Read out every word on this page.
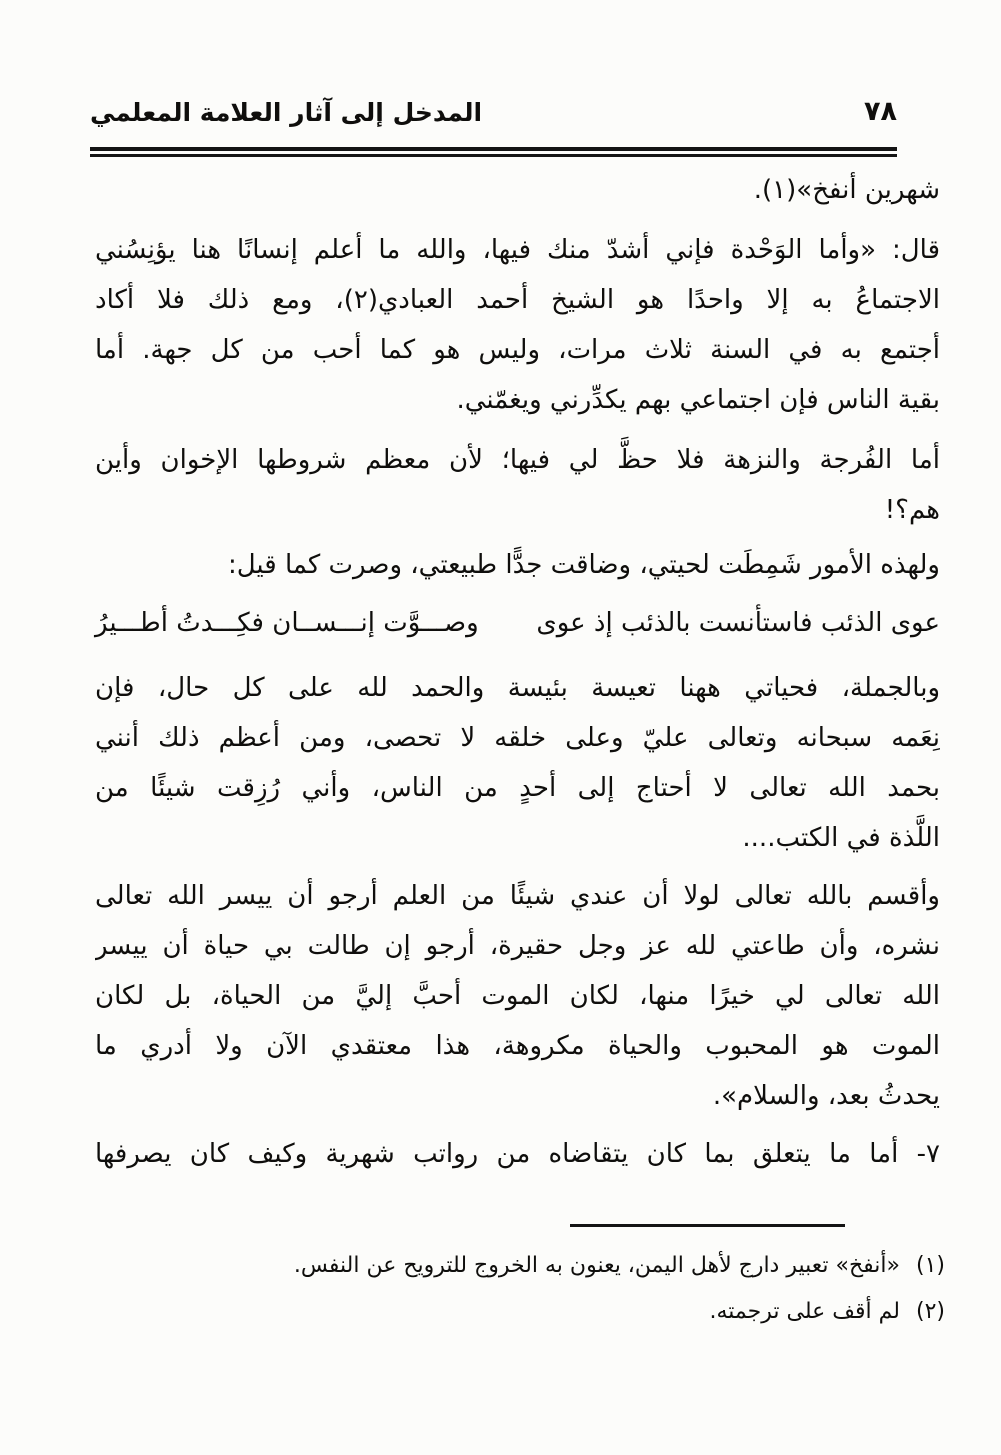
٧٨
المدخل إلى آثار العلامة المعلمي
شهرين أنفخ»(١).
قال: «وأما الوَحْدة فإني أشدّ منك فيها، والله ما أعلم إنسانًا هنا يؤنِسُني
الاجتماعُ به إلا واحدًا هو الشيخ أحمد العبادي(٢)، ومع ذلك فلا أكاد
أجتمع به في السنة ثلاث مرات، وليس هو كما أحب من كل جهة. أما
بقية الناس فإن اجتماعي بهم يكدِّرني ويغمّني.
أما الفُرجة والنزهة فلا حظَّ لي فيها؛ لأن معظم شروطها الإخوان وأين
هم؟!
ولهذه الأمور شَمِطَت لحيتي، وضاقت جدًّا طبيعتي، وصرت كما قيل:
عوى الذئب فاستأنست بالذئب إذ عوى
وصـــوَّت إنـــســان فكِـــدتُ أطـــيرُ
وبالجملة، فحياتي ههنا تعيسة بئيسة والحمد لله على كل حال، فإن
نِعَمه سبحانه وتعالى عليّ وعلى خلقه لا تحصى، ومن أعظم ذلك أنني
بحمد الله تعالى لا أحتاج إلى أحدٍ من الناس، وأني رُزِقت شيئًا من
اللَّذة في الكتب....
وأقسم بالله تعالى لولا أن عندي شيئًا من العلم أرجو أن ييسر الله تعالى
نشره، وأن طاعتي لله عز وجل حقيرة، أرجو إن طالت بي حياة أن ييسر
الله تعالى لي خيرًا منها، لكان الموت أحبَّ إليَّ من الحياة، بل لكان
الموت هو المحبوب والحياة مكروهة، هذا معتقدي الآن ولا أدري ما
يحدثُ بعد، والسلام».
٧- أما ما يتعلق بما كان يتقاضاه من رواتب شهرية وكيف كان يصرفها
(١)
«أنفخ» تعبير دارج لأهل اليمن، يعنون به الخروج للترويح عن النفس.
(٢)
لم أقف على ترجمته.
